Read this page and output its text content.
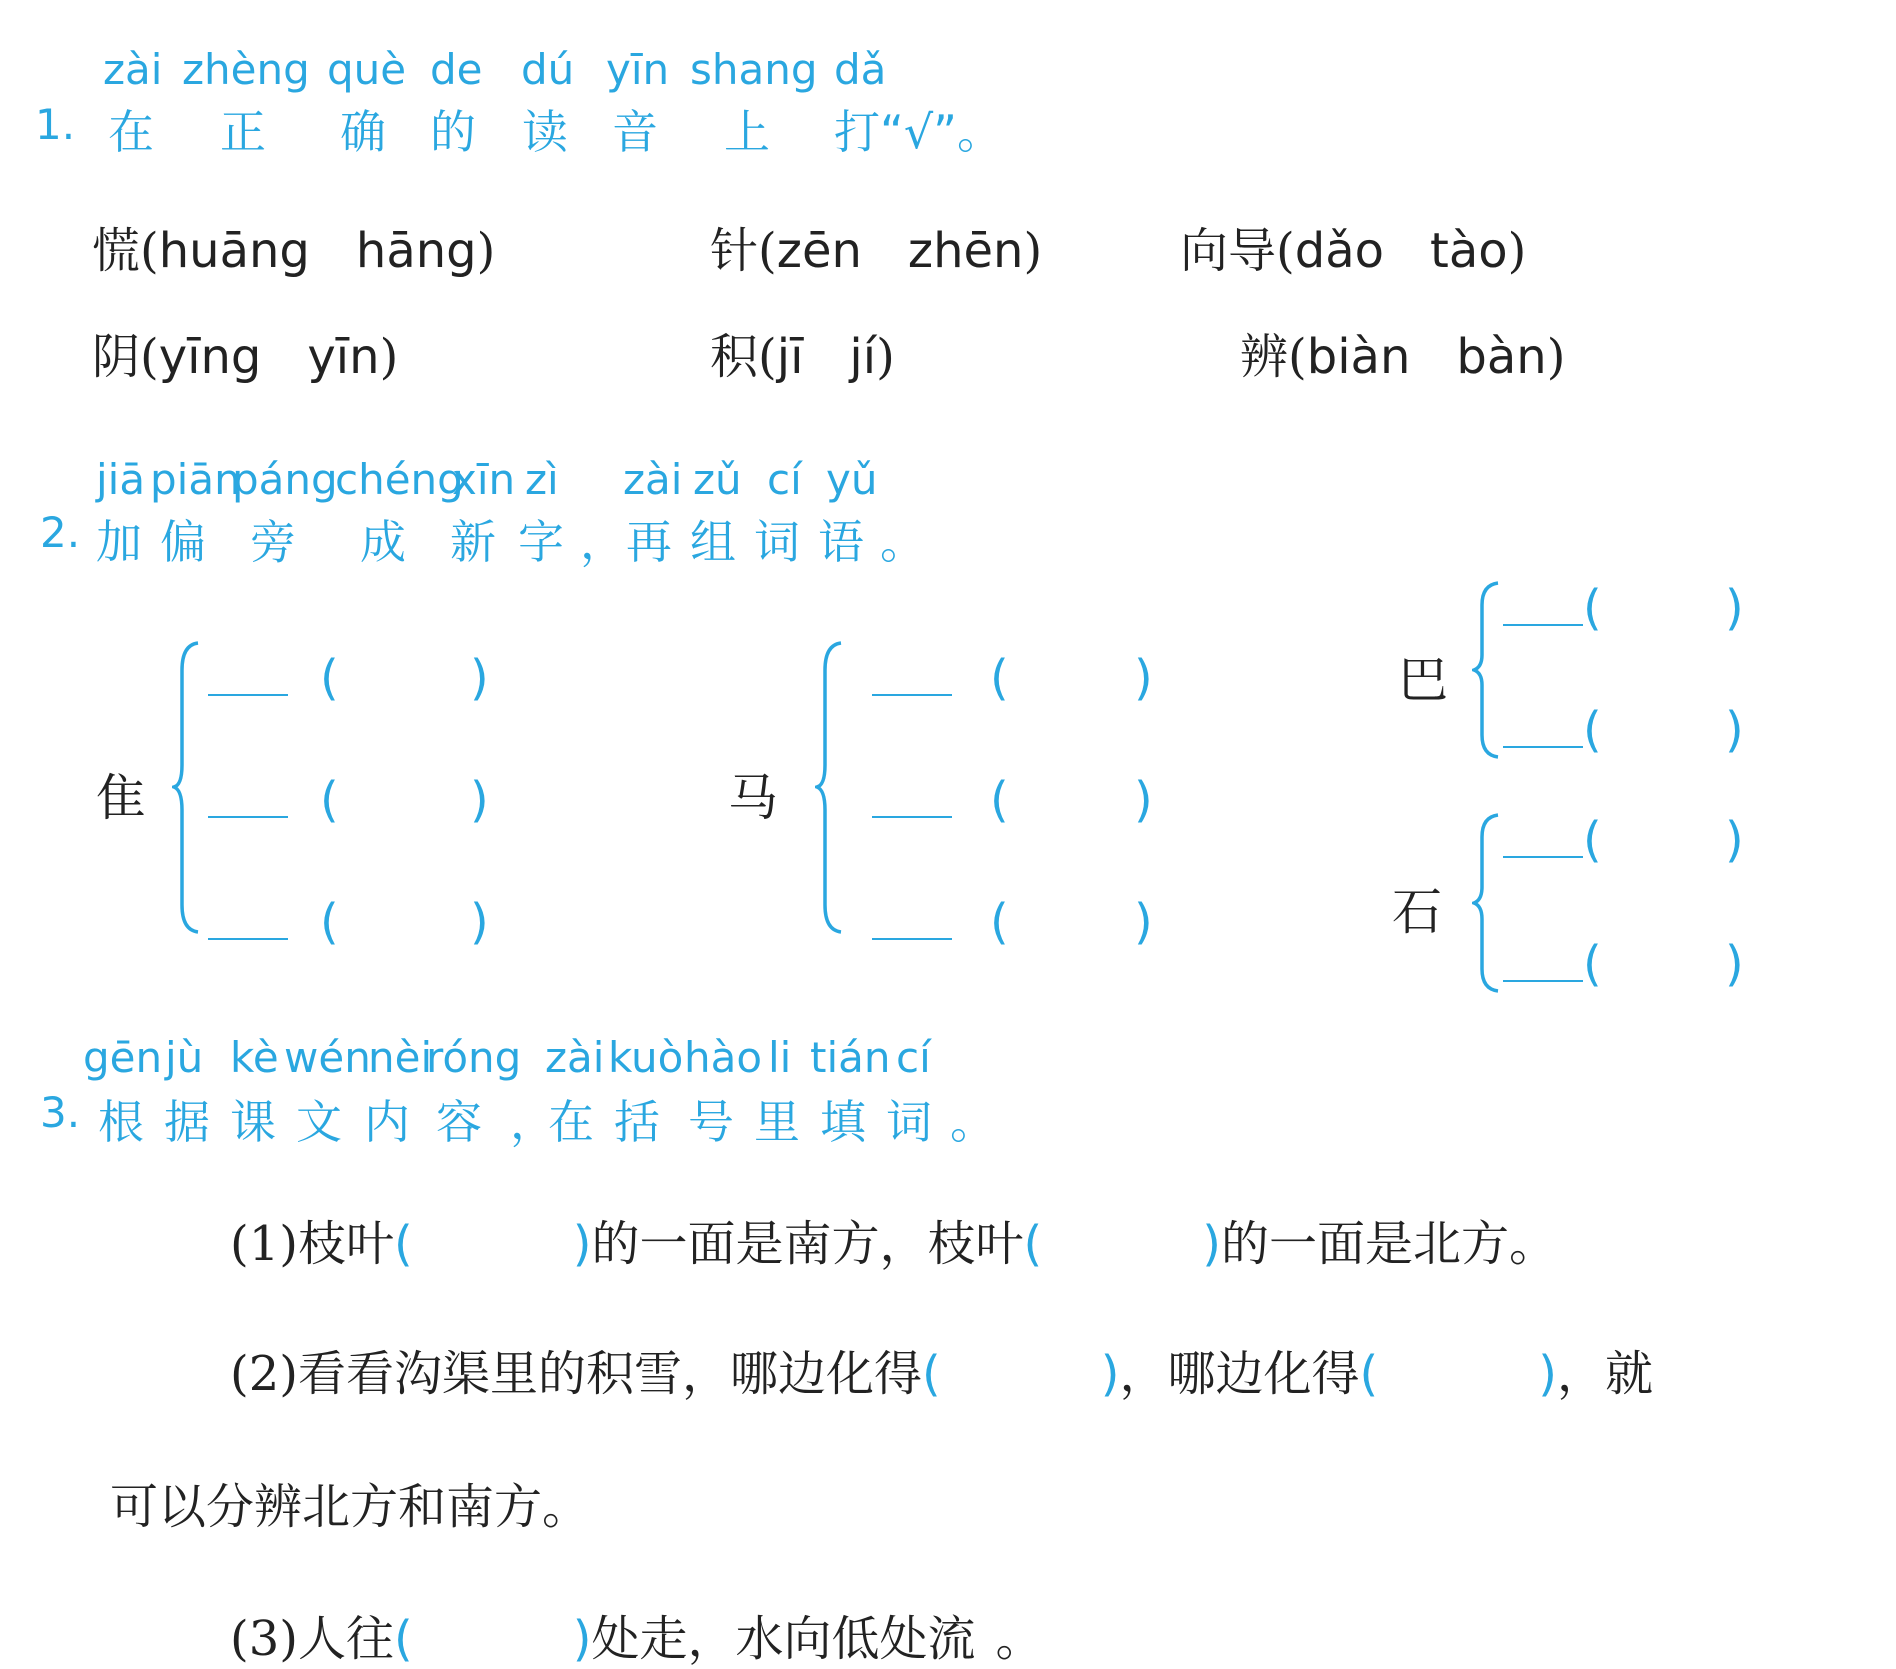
zài zhèng què de dú yīn shang dǎ
1. 在 正 确 的 读 音 上 打“√”。
慌(huāng hāng)	针(zēn zhēn)	向导(dǎo tào)
阴(yīng yīn)	积(jī jí)	辨(biàn bàn)
jiā piān
páng
chéng
xīn zì zài zǔ cí yǔ
2. 加 偏 旁 成 新 字 ， 再 组 词 语 。
隹
(	)
(	)
(	)
马
(	)
(	)
(	)
巴
(	)
(	)
石
(	)
(	)
gēn jù kè wén
nèi
róng zài kuò hào li tián cí
3. 根 据 课 文 内 容 ，
在 括 号 里 填 词 。
(1)枝叶(	)的一面是南方，枝叶(	)的一面是北方。
(2)看看沟渠里的积雪，哪边化得(	)，哪边化得(	)，就
可以分辨北方和南方。
(3)人往(	)处走，水向低处流 。
